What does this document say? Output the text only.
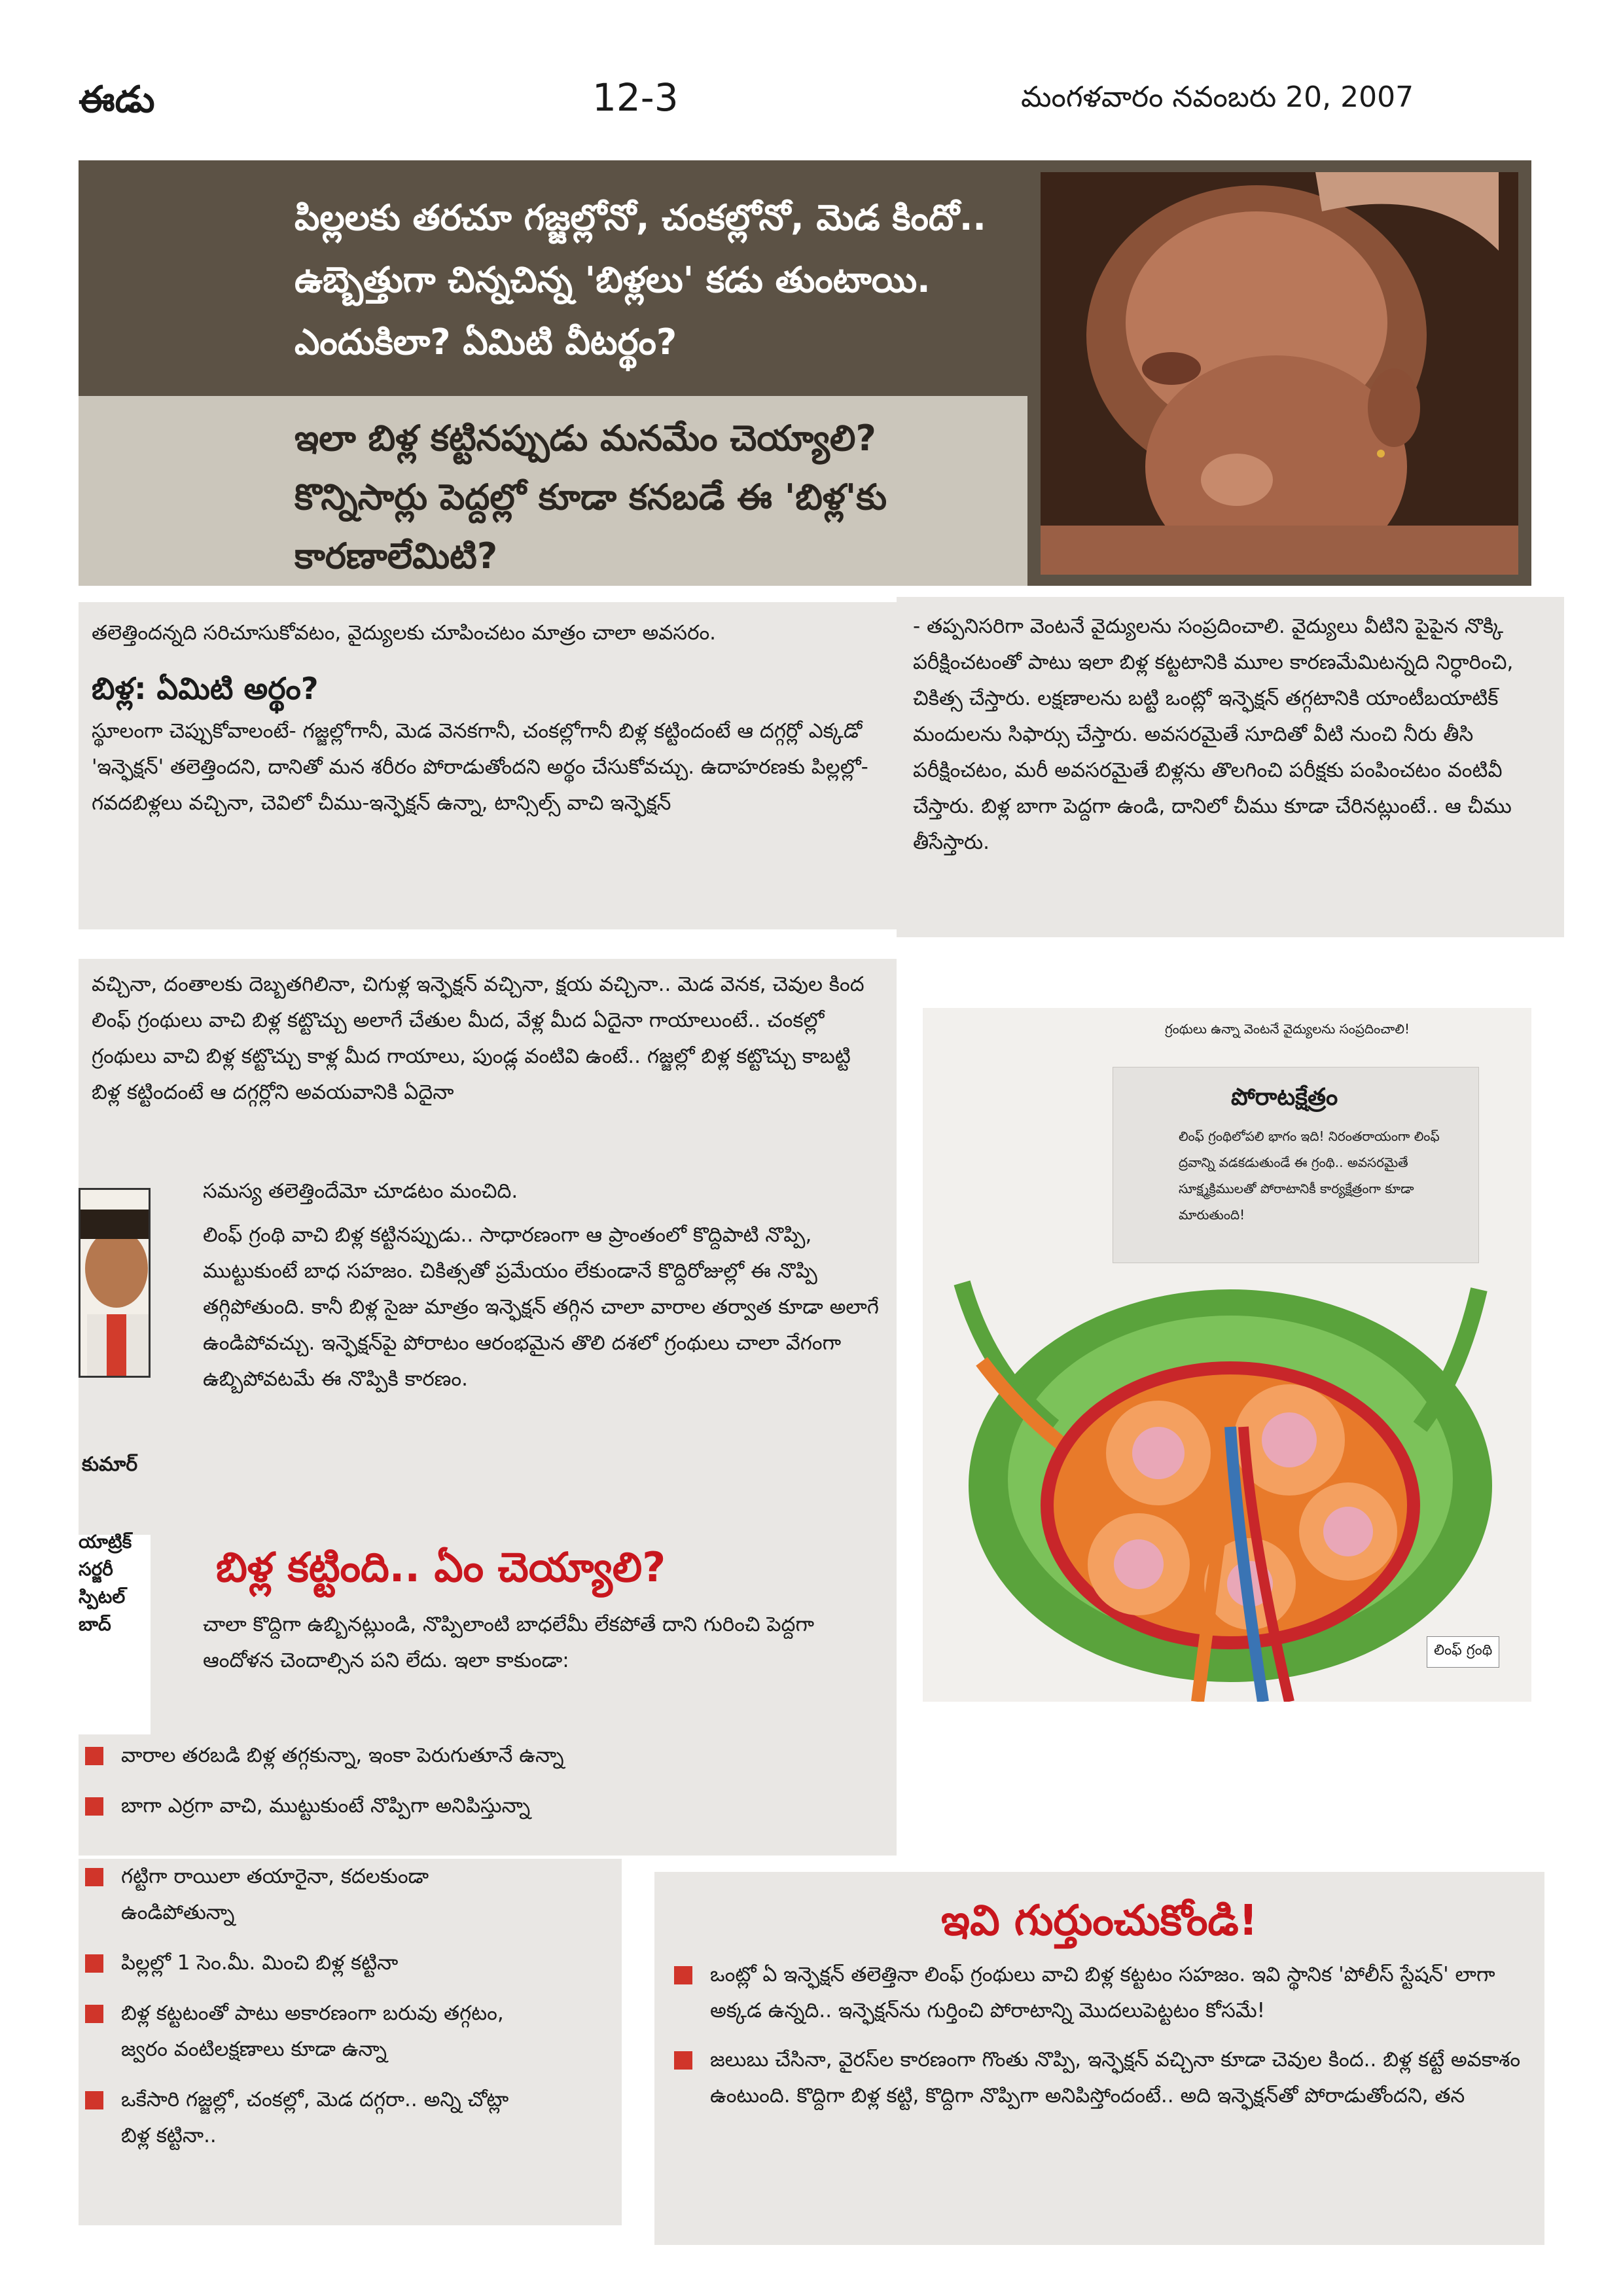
ఈడు	12-3	మంగళవారం నవంబరు 20, 2007
పిల్లలకు తరచూ గజ్జల్లోనో, చంకల్లోనో, మెడ కిందో.. ఉబ్బెత్తుగా చిన్నచిన్న 'బిళ్లలు' కడు తుంటాయి. ఎందుకిలా? ఏమిటి వీటర్థం?
ఇలా బిళ్ల కట్టినప్పుడు మనమేం చెయ్యాలి? కొన్నిసార్లు పెద్దల్లో కూడా కనబడే ఈ 'బిళ్ల'కు కారణాలేమిటి?
తలెత్తిందన్నది సరిచూసుకోవటం, వైద్యులకు చూపించటం మాత్రం చాలా అవసరం.
బిళ్ల: ఏమిటి అర్థం?
స్థూలంగా చెప్పుకోవాలంటే- గజ్జల్లోగానీ, మెడ వెనకగానీ, చంకల్లోగానీ బిళ్ల కట్టిందంటే ఆ దగ్గర్లో ఎక్కడో 'ఇన్ఫెక్షన్' తలెత్తిందని, దానితో మన శరీరం పోరాడుతోందని అర్థం చేసుకోవచ్చు. ఉదాహరణకు పిల్లల్లో- గవదబిళ్లలు వచ్చినా, చెవిలో చీము-ఇన్ఫెక్షన్ ఉన్నా, టాన్సిల్స్ వాచి ఇన్ఫెక్షన్
- తప్పనిసరిగా వెంటనే వైద్యులను సంప్రదించాలి. వైద్యులు వీటిని పైపైన నొక్కి పరీక్షించటంతో పాటు ఇలా బిళ్ల కట్టటానికి మూల కారణమేమిటన్నది నిర్ధారించి, చికిత్స చేస్తారు. లక్షణాలను బట్టి ఒంట్లో ఇన్ఫెక్షన్ తగ్గటానికి యాంటీబయాటిక్ మందులను సిఫార్సు చేస్తారు. అవసరమైతే సూదితో వీటి నుంచి నీరు తీసి పరీక్షించటం, మరీ అవసరమైతే బిళ్లను తొలగించి పరీక్షకు పంపించటం వంటివీ చేస్తారు. బిళ్ల బాగా పెద్దగా ఉండి, దానిలో చీము కూడా చేరినట్లుంటే.. ఆ చీము తీసేస్తారు.
వచ్చినా, దంతాలకు దెబ్బతగిలినా, చిగుళ్ల ఇన్ఫెక్షన్ వచ్చినా, క్షయ వచ్చినా.. మెడ వెనక, చెవుల కింద లింఫ్ గ్రంథులు వాచి బిళ్ల కట్టొచ్చు అలాగే చేతుల మీద, వేళ్ల మీద ఏదైనా గాయాలుంటే.. చంకల్లో గ్రంథులు వాచి బిళ్ల కట్టొచ్చు కాళ్ల మీద గాయాలు, పుండ్ల వంటివి ఉంటే.. గజ్జల్లో బిళ్ల కట్టొచ్చు కాబట్టి బిళ్ల కట్టిందంటే ఆ దగ్గర్లోని అవయవానికి ఏదైనా
కుమార్
యాట్రిక్ సర్జరీ
స్పిటల్
బాద్
సమస్య తలెత్తిందేమో చూడటం మంచిది.
లింఫ్ గ్రంథి వాచి బిళ్ల కట్టినప్పుడు.. సాధారణంగా ఆ ప్రాంతంలో కొద్దిపాటి నొప్పి, ముట్టుకుంటే బాధ సహజం. చికిత్సతో ప్రమేయం లేకుండానే కొద్దిరోజుల్లో ఈ నొప్పి తగ్గిపోతుంది. కానీ బిళ్ల సైజు మాత్రం ఇన్ఫెక్షన్ తగ్గిన చాలా వారాల తర్వాత కూడా అలాగే ఉండిపోవచ్చు. ఇన్ఫెక్షన్‌పై పోరాటం ఆరంభమైన తొలి దశలో గ్రంథులు చాలా వేగంగా ఉబ్బిపోవటమే ఈ నొప్పికి కారణం.
బిళ్ల కట్టింది.. ఏం చెయ్యాలి?
చాలా కొద్దిగా ఉబ్బినట్లుండి, నొప్పిలాంటి బాధలేమీ లేకపోతే దాని గురించి పెద్దగా ఆందోళన చెందాల్సిన పని లేదు. ఇలా కాకుండా:
వారాల తరబడి బిళ్ల తగ్గకున్నా, ఇంకా పెరుగుతూనే ఉన్నా
బాగా ఎర్రగా వాచి, ముట్టుకుంటే నొప్పిగా అనిపిస్తున్నా
గట్టిగా రాయిలా తయారైనా, కదలకుండా ఉండిపోతున్నా
పిల్లల్లో 1 సెం.మీ. మించి బిళ్ల కట్టినా
బిళ్ల కట్టటంతో పాటు అకారణంగా బరువు తగ్గటం, జ్వరం వంటిలక్షణాలు కూడా ఉన్నా
ఒకేసారి గజ్జల్లో, చంకల్లో, మెడ దగ్గరా.. అన్ని చోట్లా బిళ్ల కట్టినా..
గ్రంథులు ఉన్నా వెంటనే వైద్యులను సంప్రదించాలి!
పోరాటక్షేత్రం
లింఫ్ గ్రంథిలోపలి భాగం ఇది! నిరంతరాయంగా లింఫ్ ద్రవాన్ని వడకడుతుండే ఈ గ్రంథి.. అవసరమైతే సూక్ష్మక్రిములతో పోరాటానికీ కార్యక్షేత్రంగా కూడా మారుతుంది!
లింఫ్ గ్రంథి
ఇవి గుర్తుంచుకోండి!
ఒంట్లో ఏ ఇన్ఫెక్షన్ తలెత్తినా లింఫ్ గ్రంథులు వాచి బిళ్ల కట్టటం సహజం. ఇవి స్థానిక 'పోలీస్ స్టేషన్' లాగా అక్కడ ఉన్నది.. ఇన్ఫెక్షన్‌ను గుర్తించి పోరాటాన్ని మొదలుపెట్టటం కోసమే!
జలుబు చేసినా, వైరస్‌ల కారణంగా గొంతు నొప్పి, ఇన్ఫెక్షన్ వచ్చినా కూడా చెవుల కింద.. బిళ్ల కట్టే అవకాశం ఉంటుంది. కొద్దిగా బిళ్ల కట్టి, కొద్దిగా నొప్పిగా అనిపిస్తోందంటే.. అది ఇన్ఫెక్షన్‌తో పోరాడుతోందని, తన
